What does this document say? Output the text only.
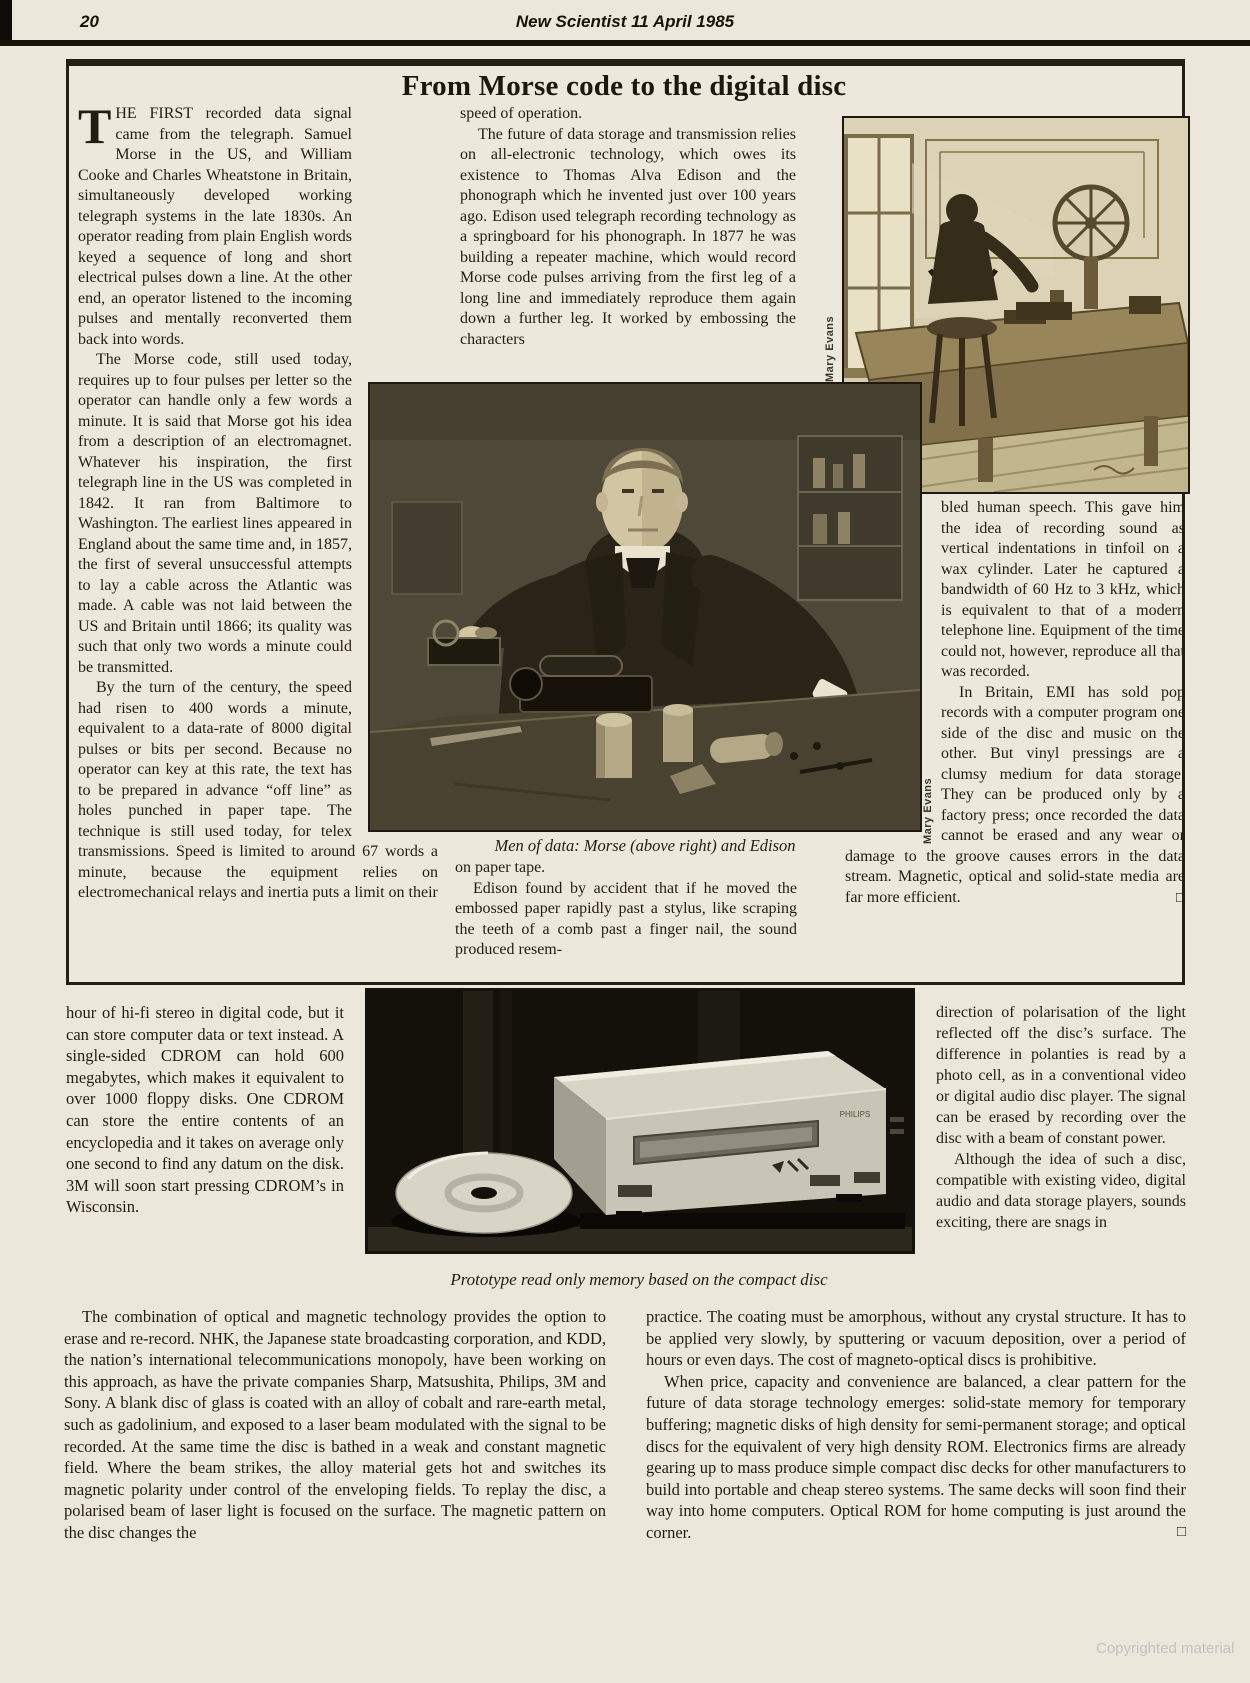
20	New Scientist 11 April 1985
From Morse code to the digital disc

THE FIRST recorded data signal came from the telegraph. Samuel Morse in the US, and William Cooke and Charles Wheatstone in Britain, simultaneously developed working telegraph systems in the late 1830s. An operator reading from plain English words keyed a sequence of long and short electrical pulses down a line. At the other end, an operator listened to the incoming pulses and mentally reconverted them back into words.

The Morse code, still used today, requires up to four pulses per letter so the operator can handle only a few words a minute. It is said that Morse got his idea from a description of an electromagnet. Whatever his inspiration, the first telegraph line in the US was completed in 1842. It ran from Baltimore to Washington. The earliest lines appeared in England about the same time and, in 1857, the first of several unsuccessful attempts to lay a cable across the Atlantic was made. A cable was not laid between the US and Britain until 1866; its quality was such that only two words a minute could be transmitted.

By the turn of the century, the speed had risen to 400 words a minute, equivalent to a data-rate of 8000 digital pulses or bits per second. Because no operator can key at this rate, the text has to be prepared in advance “off line” as holes punched in paper tape. The technique is still used today, for telex transmissions. Speed is limited to around 67 words a minute, because the equipment relies on electromechanical relays and inertia puts a limit on their

speed of operation.

The future of data storage and transmission relies on all-electronic technology, which owes its existence to Thomas Alva Edison and the phonograph which he invented just over 100 years ago. Edison used telegraph recording technology as a springboard for his phonograph. In 1877 he was building a repeater machine, which would record Morse code pulses arriving from the first leg of a long line and immediately reproduce them again down a further leg. It worked by embossing the characters

bled human speech. This gave him the idea of recording sound as vertical indentations in tinfoil on a wax cylinder. Later he captured a bandwidth of 60 Hz to 3 kHz, which is equivalent to that of a modern telephone line. Equipment of the time could not, however, reproduce all that was recorded.

In Britain, EMI has sold pop records with a computer program one side of the disc and music on the other. But vinyl pressings are a clumsy medium for data storage. They can be produced only by a factory press; once recorded the data cannot be erased and any wear or damage to the groove causes errors in the data stream. Magnetic, optical and solid-state media are far more efficient.	□

on paper tape.

Edison found by accident that if he moved the embossed paper rapidly past a stylus, like scraping the teeth of a comb past a finger nail, the sound produced resem-

Mary Evans
Mary Evans
Men of data: Morse (above right) and Edison

hour of hi-fi stereo in digital code, but it can store computer data or text instead. A single-sided CDROM can hold 600 megabytes, which makes it equivalent to over 1000 floppy disks. One CDROM can store the entire contents of an encyclopedia and it takes on average only one second to find any datum on the disk. 3M will soon start pressing CDROM’s in Wisconsin.

PHILIPS
Prototype read only memory based on the compact disc

direction of polarisation of the light reflected off the disc’s surface. The difference in polanties is read by a photo cell, as in a conventional video or digital audio disc player. The signal can be erased by recording over the disc with a beam of constant power.

Although the idea of such a disc, compatible with existing video, digital audio and data storage players, sounds exciting, there are snags in

The combination of optical and magnetic technology provides the option to erase and re-record. NHK, the Japanese state broadcasting corporation, and KDD, the nation’s international telecommunications monopoly, have been working on this approach, as have the private companies Sharp, Matsushita, Philips, 3M and Sony. A blank disc of glass is coated with an alloy of cobalt and rare-earth metal, such as gadolinium, and exposed to a laser beam modulated with the signal to be recorded. At the same time the disc is bathed in a weak and constant magnetic field. Where the beam strikes, the alloy material gets hot and switches its magnetic polarity under control of the enveloping fields. To replay the disc, a polarised beam of laser light is focused on the surface. The magnetic pattern on the disc changes the

practice. The coating must be amorphous, without any crystal structure. It has to be applied very slowly, by sputtering or vacuum deposition, over a period of hours or even days. The cost of magneto-optical discs is prohibitive.

When price, capacity and convenience are balanced, a clear pattern for the future of data storage technology emerges: solid-state memory for temporary buffering; magnetic disks of high density for semi-permanent storage; and optical discs for the equivalent of very high density ROM. Electronics firms are already gearing up to mass produce simple compact disc decks for other manufacturers to build into portable and cheap stereo systems. The same decks will soon find their way into home computers. Optical ROM for home computing is just around the corner.	□

Copyrighted material
